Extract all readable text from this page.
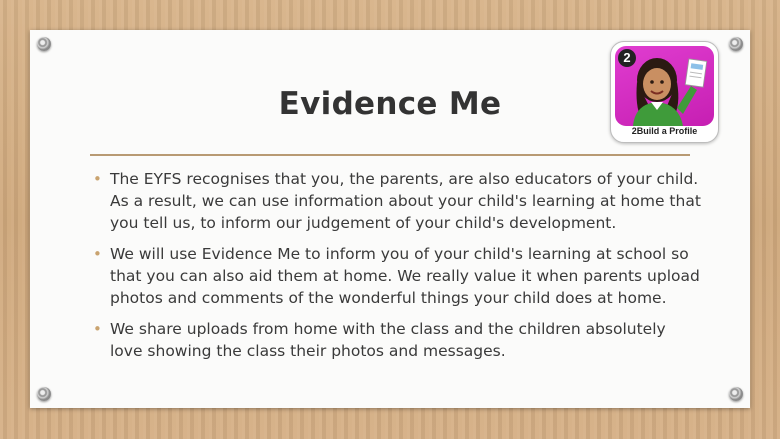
Evidence Me
2
2Build a Profile
• The EYFS recognises that you, the parents, are also educators of your child. As a result, we can use information about your child's learning at home that you tell us, to inform our judgement of your child's development.
• We will use Evidence Me to inform you of your child's learning at school so that you can also aid them at home. We really value it when parents upload photos and comments of the wonderful things your child does at home.
• We share uploads from home with the class and the children absolutely love showing the class their photos and messages.
